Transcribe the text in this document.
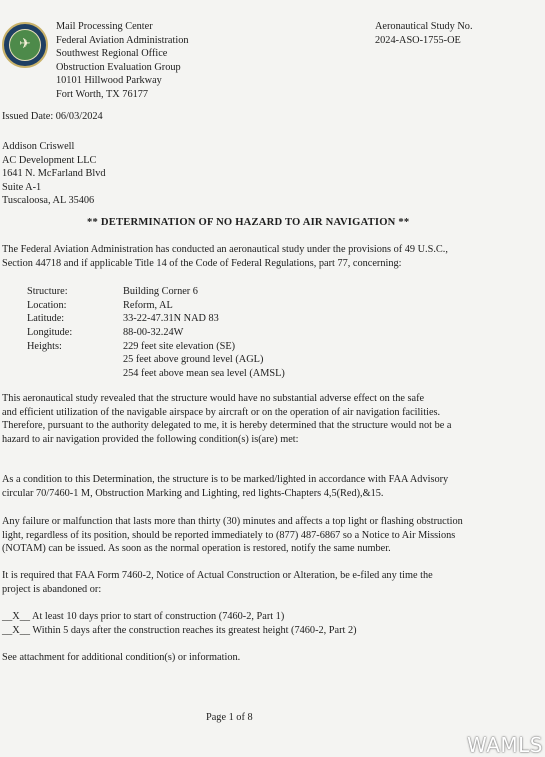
✈
Mail Processing Center
Federal Aviation Administration
Southwest Regional Office
Obstruction Evaluation Group
10101 Hillwood Parkway
Fort Worth, TX 76177
Aeronautical Study No.
2024-ASO-1755-OE
Issued Date: 06/03/2024
Addison Criswell
AC Development LLC
1641 N. McFarland Blvd
Suite A-1
Tuscaloosa, AL 35406
** DETERMINATION OF NO HAZARD TO AIR NAVIGATION **
The Federal Aviation Administration has conducted an aeronautical study under the provisions of 49 U.S.C.,
Section 44718 and if applicable Title 14 of the Code of Federal Regulations, part 77, concerning:
Structure:	Building Corner 6
Location:	Reform, AL
Latitude:	33-22-47.31N NAD 83
Longitude:	88-00-32.24W
Heights:	229 feet site elevation (SE)
25 feet above ground level (AGL)
254 feet above mean sea level (AMSL)
This aeronautical study revealed that the structure would have no substantial adverse effect on the safe
and efficient utilization of the navigable airspace by aircraft or on the operation of air navigation facilities.
Therefore, pursuant to the authority delegated to me, it is hereby determined that the structure would not be a
hazard to air navigation provided the following condition(s) is(are) met:
As a condition to this Determination, the structure is to be marked/lighted in accordance with FAA Advisory
circular 70/7460-1 M, Obstruction Marking and Lighting, red lights-Chapters 4,5(Red),&15.
Any failure or malfunction that lasts more than thirty (30) minutes and affects a top light or flashing obstruction
light, regardless of its position, should be reported immediately to (877) 487-6867 so a Notice to Air Missions
(NOTAM) can be issued. As soon as the normal operation is restored, notify the same number.
It is required that FAA Form 7460-2, Notice of Actual Construction or Alteration, be e-filed any time the
project is abandoned or:
__X__ At least 10 days prior to start of construction (7460-2, Part 1)
__X__ Within 5 days after the construction reaches its greatest height (7460-2, Part 2)
See attachment for additional condition(s) or information.
Page 1 of 8
WAMLS
